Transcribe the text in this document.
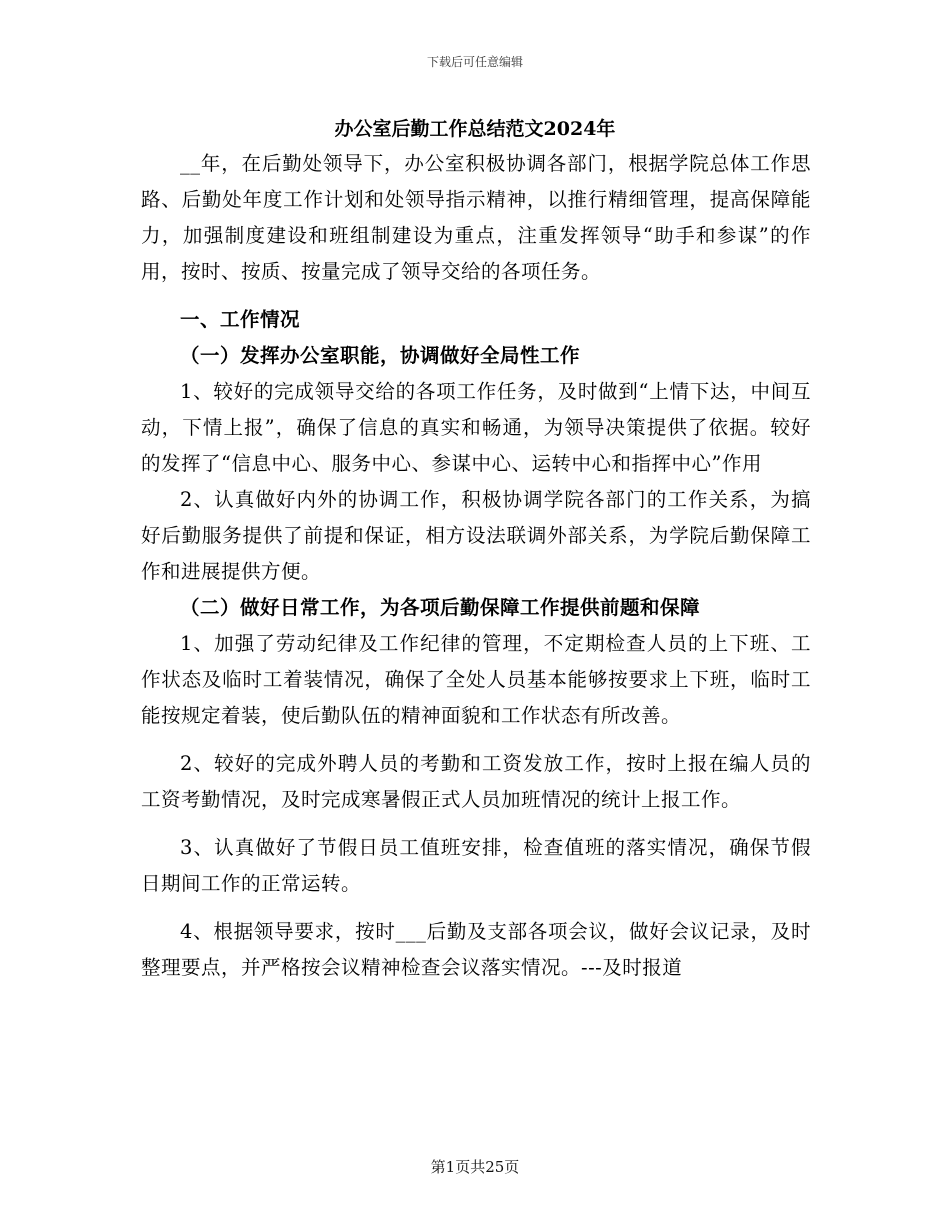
下载后可任意编辑
办公室后勤工作总结范文2024年

__年，在后勤处领导下，办公室积极协调各部门，根据学院总体工作思路、后勤处年度工作计划和处领导指示精神，以推行精细管理，提高保障能力，加强制度建设和班组制建设为重点，注重发挥领导“助手和参谋”的作用，按时、按质、按量完成了领导交给的各项任务。

一、工作情况

（一）发挥办公室职能，协调做好全局性工作

1、较好的完成领导交给的各项工作任务，及时做到“上情下达，中间互动，下情上报”，确保了信息的真实和畅通，为领导决策提供了依据。较好的发挥了“信息中心、服务中心、参谋中心、运转中心和指挥中心”作用

2、认真做好内外的协调工作，积极协调学院各部门的工作关系，为搞好后勤服务提供了前提和保证，相方设法联调外部关系，为学院后勤保障工作和进展提供方便。

（二）做好日常工作，为各项后勤保障工作提供前题和保障

1、加强了劳动纪律及工作纪律的管理，不定期检查人员的上下班、工作状态及临时工着装情况，确保了全处人员基本能够按要求上下班，临时工能按规定着装，使后勤队伍的精神面貌和工作状态有所改善。

2、较好的完成外聘人员的考勤和工资发放工作，按时上报在编人员的工资考勤情况，及时完成寒暑假正式人员加班情况的统计上报工作。

3、认真做好了节假日员工值班安排，检查值班的落实情况，确保节假日期间工作的正常运转。

4、根据领导要求，按时___后勤及支部各项会议，做好会议记录，及时整理要点，并严格按会议精神检查会议落实情况。---及时报道

第1页共25页
